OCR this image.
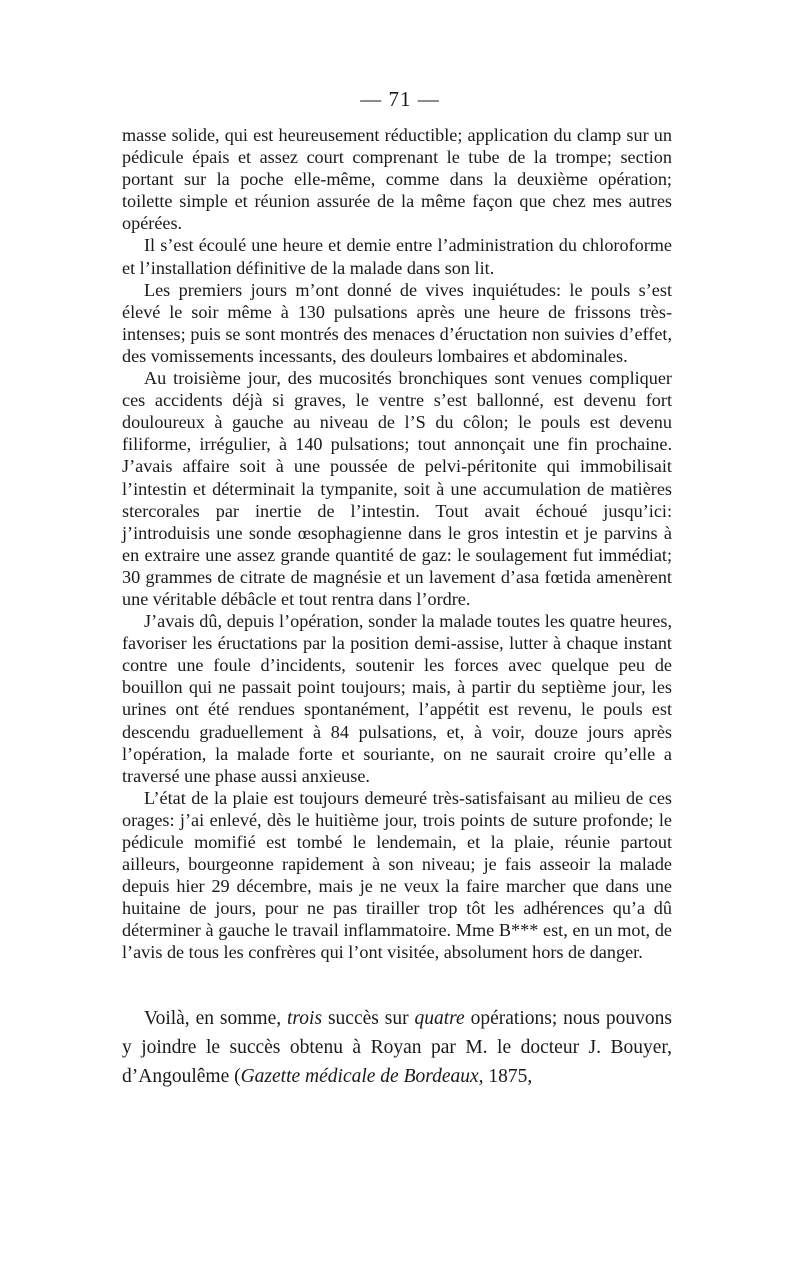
— 71 —

masse solide, qui est heureusement réductible; application du clamp sur un pédicule épais et assez court comprenant le tube de la trompe; section portant sur la poche elle-même, comme dans la deuxième opération; toilette simple et réunion assurée de la même façon que chez mes autres opérées.

Il s’est écoulé une heure et demie entre l’administration du chloroforme et l’installation définitive de la malade dans son lit.

Les premiers jours m’ont donné de vives inquiétudes: le pouls s’est élevé le soir même à 130 pulsations après une heure de frissons très-intenses; puis se sont montrés des menaces d’éructation non suivies d’effet, des vomissements incessants, des douleurs lombaires et abdominales.

Au troisième jour, des mucosités bronchiques sont venues compliquer ces accidents déjà si graves, le ventre s’est ballonné, est devenu fort douloureux à gauche au niveau de l’S du côlon; le pouls est devenu filiforme, irrégulier, à 140 pulsations; tout annonçait une fin prochaine. J’avais affaire soit à une poussée de pelvi-péritonite qui immobilisait l’intestin et déterminait la tympanite, soit à une accumulation de matières stercorales par inertie de l’intestin. Tout avait échoué jusqu’ici: j’introduisis une sonde œsophagienne dans le gros intestin et je parvins à en extraire une assez grande quantité de gaz: le soulagement fut immédiat; 30 grammes de citrate de magnésie et un lavement d’asa fœtida amenèrent une véritable débâcle et tout rentra dans l’ordre.

J’avais dû, depuis l’opération, sonder la malade toutes les quatre heures, favoriser les éructations par la position demi-assise, lutter à chaque instant contre une foule d’incidents, soutenir les forces avec quelque peu de bouillon qui ne passait point toujours; mais, à partir du septième jour, les urines ont été rendues spontanément, l’appétit est revenu, le pouls est descendu graduellement à 84 pulsations, et, à voir, douze jours après l’opération, la malade forte et souriante, on ne saurait croire qu’elle a traversé une phase aussi anxieuse.

L’état de la plaie est toujours demeuré très-satisfaisant au milieu de ces orages: j’ai enlevé, dès le huitième jour, trois points de suture profonde; le pédicule momifié est tombé le lendemain, et la plaie, réunie partout ailleurs, bourgeonne rapidement à son niveau; je fais asseoir la malade depuis hier 29 décembre, mais je ne veux la faire marcher que dans une huitaine de jours, pour ne pas tirailler trop tôt les adhérences qu’a dû déterminer à gauche le travail inflammatoire. Mme B*** est, en un mot, de l’avis de tous les confrères qui l’ont visitée, absolument hors de danger.

Voilà, en somme, trois succès sur quatre opérations; nous pouvons y joindre le succès obtenu à Royan par M. le docteur J. Bouyer, d’Angoulême (Gazette médicale de Bordeaux, 1875,
